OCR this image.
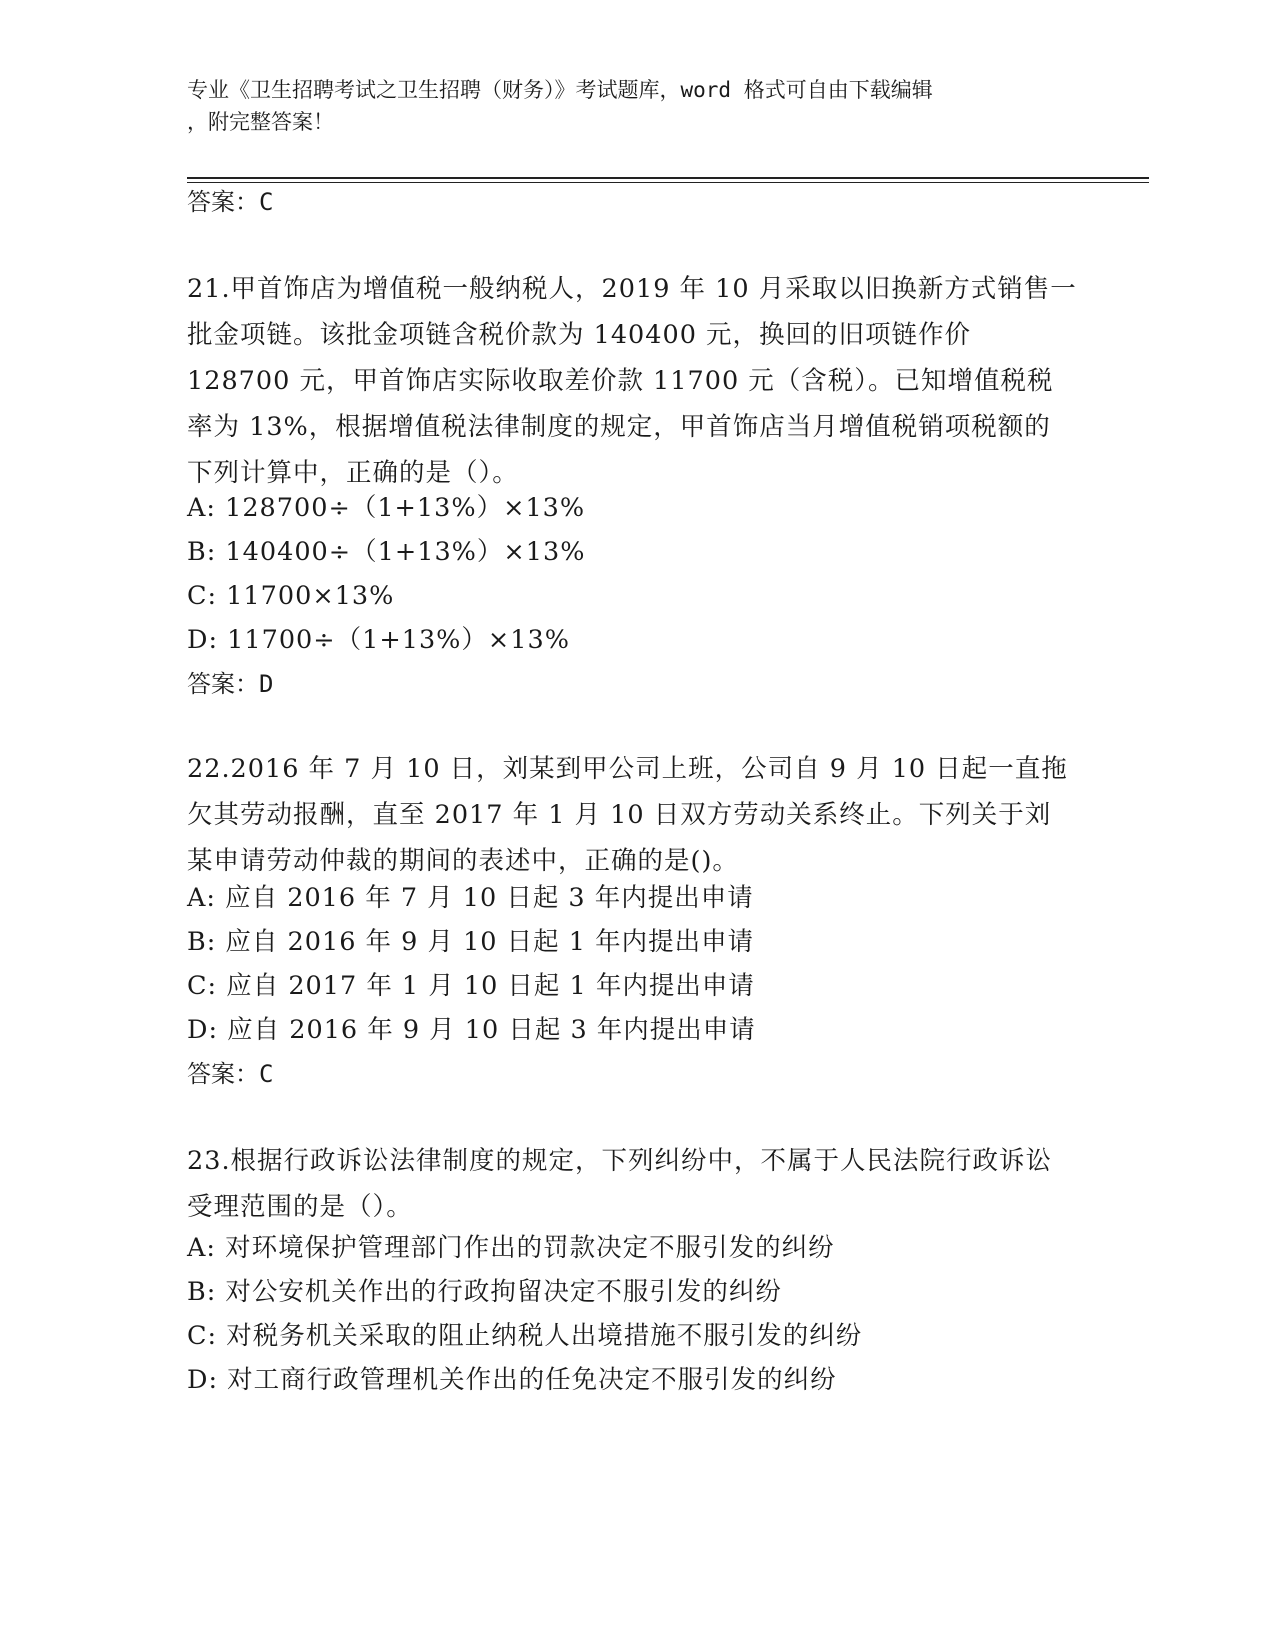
专业《卫生招聘考试之卫生招聘（财务）》考试题库，word 格式可自由下载编辑
，附完整答案！
答案：C
21.甲首饰店为增值税一般纳税人，2019 年 10 月采取以旧换新方式销售一批金项链。该批金项链含税价款为 140400 元，换回的旧项链作价 128700 元，甲首饰店实际收取差价款 11700 元（含税）。已知增值税税率为 13%，根据增值税法律制度的规定，甲首饰店当月增值税销项税额的下列计算中，正确的是（）。
A: 128700÷（1+13%）×13%
B: 140400÷（1+13%）×13%
C: 11700×13%
D: 11700÷（1+13%）×13%
答案：D
22.2016 年 7 月 10 日，刘某到甲公司上班，公司自 9 月 10 日起一直拖欠其劳动报酬，直至 2017 年 1 月 10 日双方劳动关系终止。下列关于刘某申请劳动仲裁的期间的表述中，正确的是()。
A: 应自 2016 年 7 月 10 日起 3 年内提出申请
B: 应自 2016 年 9 月 10 日起 1 年内提出申请
C: 应自 2017 年 1 月 10 日起 1 年内提出申请
D: 应自 2016 年 9 月 10 日起 3 年内提出申请
答案：C
23.根据行政诉讼法律制度的规定，下列纠纷中，不属于人民法院行政诉讼受理范围的是（）。
A: 对环境保护管理部门作出的罚款决定不服引发的纠纷
B: 对公安机关作出的行政拘留决定不服引发的纠纷
C: 对税务机关采取的阻止纳税人出境措施不服引发的纠纷
D: 对工商行政管理机关作出的任免决定不服引发的纠纷
